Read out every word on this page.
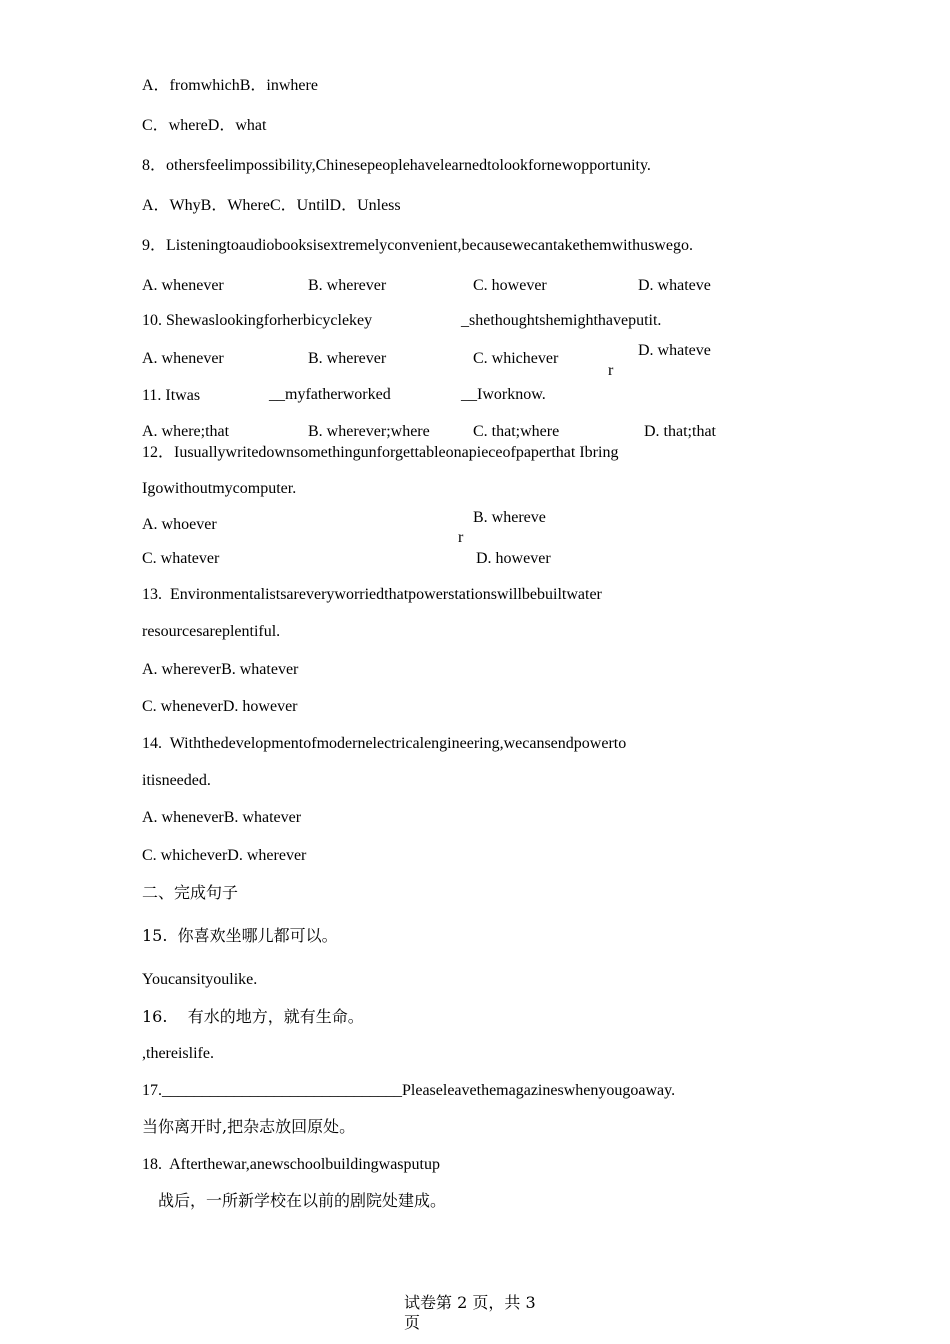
A．fromwhichB．inwhere
C．whereD．what
8．othersfeelimpossibility,Chinesepeoplehavelearnedtolookfornewopportunity.
A．WhyB．WhereC．UntilD．Unless
9．Listeningtoaudiobooksisextremelyconvenient,becausewecantakethemwithuswego.
A. whenever	B. wherever	C. however	D. whateve
10. Shewaslookingforherbicyclekey	_shethoughtshemighthaveputit.
A. whenever	B. wherever	C. whichever	D. whateve
r
11. Itwas	__myfatherworked	__Iworknow.
A. where;that	B. wherever;where	C. that;where	D. that;that
12．Iusuallywritedownsomethingunforgettableonapieceofpaperthat Ibring
Igowithoutmycomputer.
A. whoever	B. whereve
r
C. whatever	D. however
13.  Environmentalistsareveryworriedthatpowerstationswillbebuiltwater
resourcesareplentiful.
A. whereverB. whatever
C. wheneverD. however
14.  Withthedevelopmentofmodernelectricalengineering,wecansendpowerto
itisneeded.
A. wheneverB. whatever
C. whicheverD. wherever
二、完成句子
15.  你喜欢坐哪儿都可以。
Youcansityoulike.
16.    有水的地方，就有生命。
,thereislife.
17.______________________________Pleaseleavethemagazineswhenyougoaway.
当你离开时,把杂志放回原处。
18.  Afterthewar,anewschoolbuildingwasputup
战后，一所新学校在以前的剧院处建成。
试卷第 2 页，共 3
页
